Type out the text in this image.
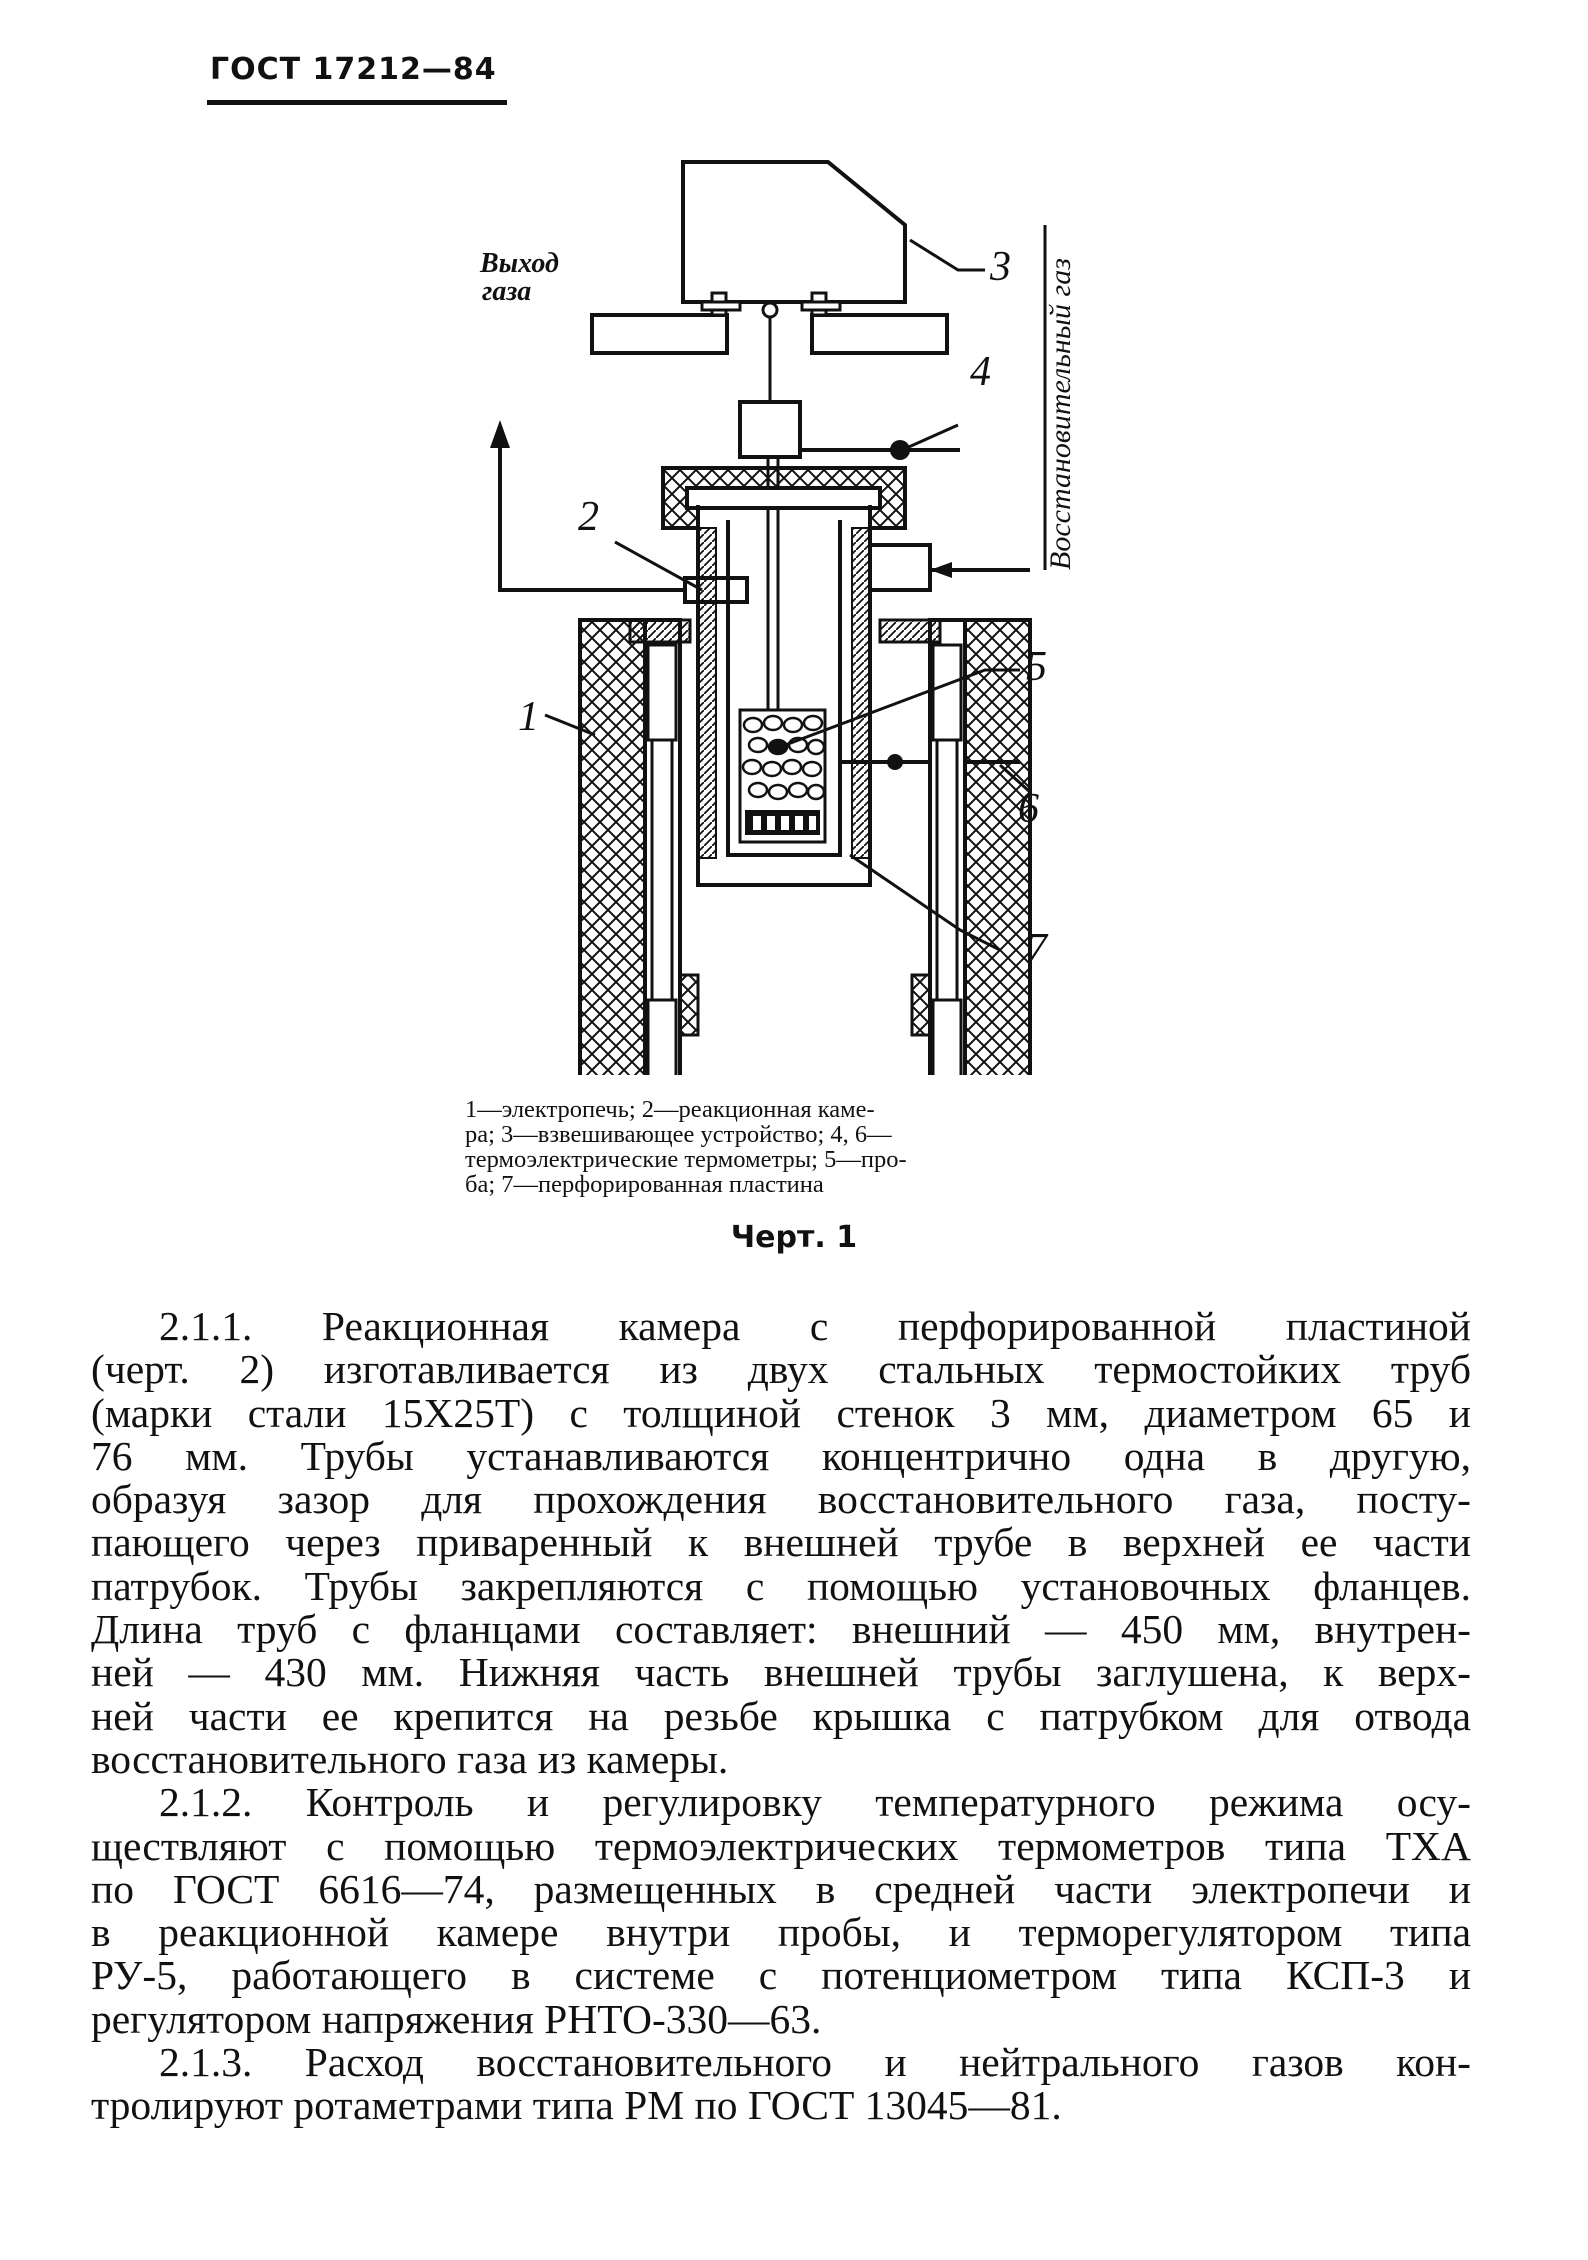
ГОСТ 17212—84
Выход
газа	Восстановительный газ
3
4
2
5
1
6
7
1—электропечь; 2—реакционная каме-
ра; 3—взвешивающее устройство; 4, 6—
термоэлектрические термометры; 5—про-
ба; 7—перфорированная пластина
Черт. 1
2.1.1. Реакционная камера с перфорированной пластиной
(черт. 2) изготавливается из двух стальных термостойких труб
(марки стали 15Х25Т) с толщиной стенок 3 мм, диаметром 65 и
76 мм. Трубы устанавливаются концентрично одна в другую,
образуя зазор для прохождения восстановительного газа, посту-
пающего через приваренный к внешней трубе в верхней ее части
патрубок. Трубы закрепляются с помощью установочных фланцев.
Длина труб с фланцами составляет: внешний — 450 мм, внутрен-
ней — 430 мм. Нижняя часть внешней трубы заглушена, к верх-
ней части ее крепится на резьбе крышка с патрубком для отвода
восстановительного газа из камеры.
2.1.2. Контроль и регулировку температурного режима осу-
ществляют с помощью термоэлектрических термометров типа ТХА
по ГОСТ 6616—74, размещенных в средней части электропечи и
в реакционной камере внутри пробы, и терморегулятором типа
РУ-5, работающего в системе с потенциометром типа КСП-3 и
регулятором напряжения РНТО-330—63.
2.1.3. Расход восстановительного и нейтрального газов кон-
тролируют ротаметрами типа РМ по ГОСТ 13045—81.
